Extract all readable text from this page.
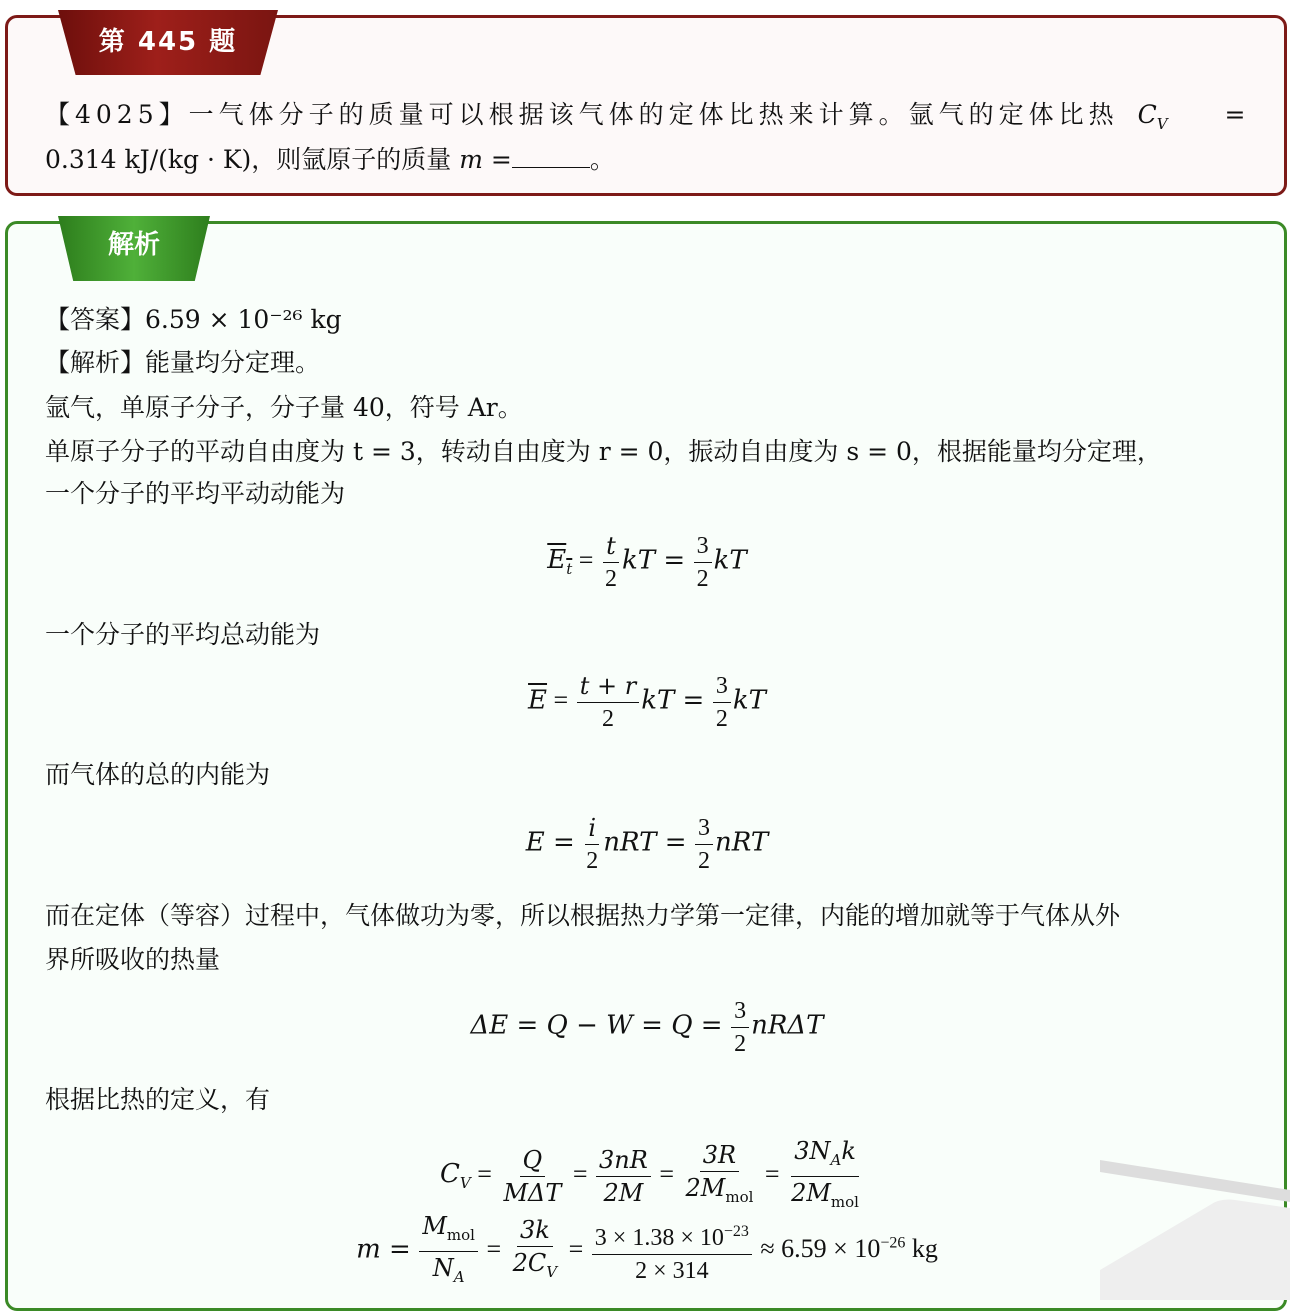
第 445 题
【4025】一气体分子的质量可以根据该气体的定体比热来计算。氩气的定体比热 $C_V$ =
0.314 kJ/(kg · K)，则氩原子的质量 m =	。
解析
【答案】6.59 × 10⁻²⁶ kg
【解析】能量均分定理。
氩气，单原子分子，分子量 40，符号 Ar。
单原子分子的平动自由度为 t = 3，转动自由度为 r = 0，振动自由度为 s = 0，根据能量均分定理，
一个分子的平均平动动能为
$E_t = \frac{t}{2}$ kT = $\frac{3}{2}$ kT
一个分子的平均总动能为
$\overline{E} = \frac{t + r}{2}$ kT = $\frac{3}{2}$ kT
而气体的总的内能为
$E = \frac{i}{2}$ nRT = $\frac{3}{2}$ nRT
而在定体（等容）过程中，气体做功为零，所以根据热力学第一定律，内能的增加就等于气体从外
界所吸收的热量
$\Delta E = Q - W = Q = \frac{3}{2}$ nRΔT
根据比热的定义，有
$C_V = \frac{Q}{\text{MΔT}} = \frac{3nR}{2M} = \frac{3R}{2M_{mol}} = \frac{3N_Ak}{2M_{mol}}$
$m = \frac{M_{mol}}{N_A} = \frac{3k}{2C_V} = \frac{3 \times 1.38 \times 10^{-23}}{2 \times 314} \approx 6.59 \times 10^{-26}$ kg
